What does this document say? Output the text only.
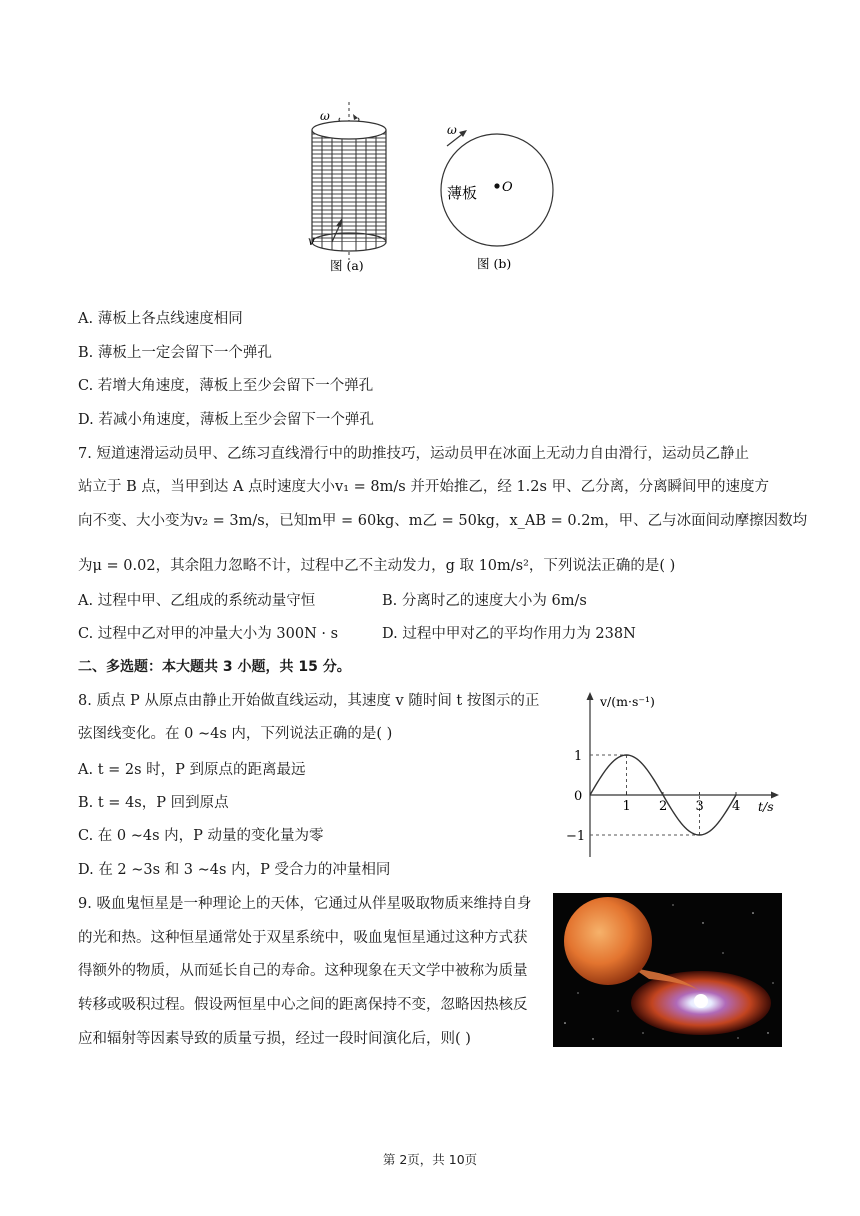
v
ω
图 (a)
ω
薄板 O
图 (b)
A. 薄板上各点线速度相同
B. 薄板上一定会留下一个弹孔
C. 若增大角速度，薄板上至少会留下一个弹孔
D. 若减小角速度，薄板上至少会留下一个弹孔
7. 短道速滑运动员甲、乙练习直线滑行中的助推技巧，运动员甲在冰面上无动力自由滑行，运动员乙静止
站立于 B 点，当甲到达 A 点时速度大小v₁ = 8m/s 并开始推乙，经 1.2s 甲、乙分离，分离瞬间甲的速度方
向不变、大小变为v₂ = 3m/s，已知m甲 = 60kg、m乙 = 50kg，x_AB = 0.2m，甲、乙与冰面间动摩擦因数均
为μ = 0.02，其余阻力忽略不计，过程中乙不主动发力，g 取 10m/s²，下列说法正确的是( )
A. 过程中甲、乙组成的系统动量守恒	B. 分离时乙的速度大小为 6m/s
C. 过程中乙对甲的冲量大小为 300N · s	D. 过程中甲对乙的平均作用力为 238N
二、多选题：本大题共 3 小题，共 15 分。
8. 质点 P 从原点由静止开始做直线运动，其速度 v 随时间 t 按图示的正
弦图线变化。在 0 ∼4s 内，下列说法正确的是( )
A. t = 2s 时，P 到原点的距离最远
B. t = 4s，P 回到原点
C. 在 0 ∼4s 内，P 动量的变化量为零
D. 在 2 ∼3s 和 3 ∼4s 内，P 受合力的冲量相同
1 2 3 4
1
0
−1
v/(m·s⁻¹)
t/s
9. 吸血鬼恒星是一种理论上的天体，它通过从伴星吸取物质来维持自身
的光和热。这种恒星通常处于双星系统中，吸血鬼恒星通过这种方式获
得额外的物质，从而延长自己的寿命。这种现象在天文学中被称为质量
转移或吸积过程。假设两恒星中心之间的距离保持不变，忽略因热核反
应和辐射等因素导致的质量亏损，经过一段时间演化后，则( )
第 2页，共 10页
